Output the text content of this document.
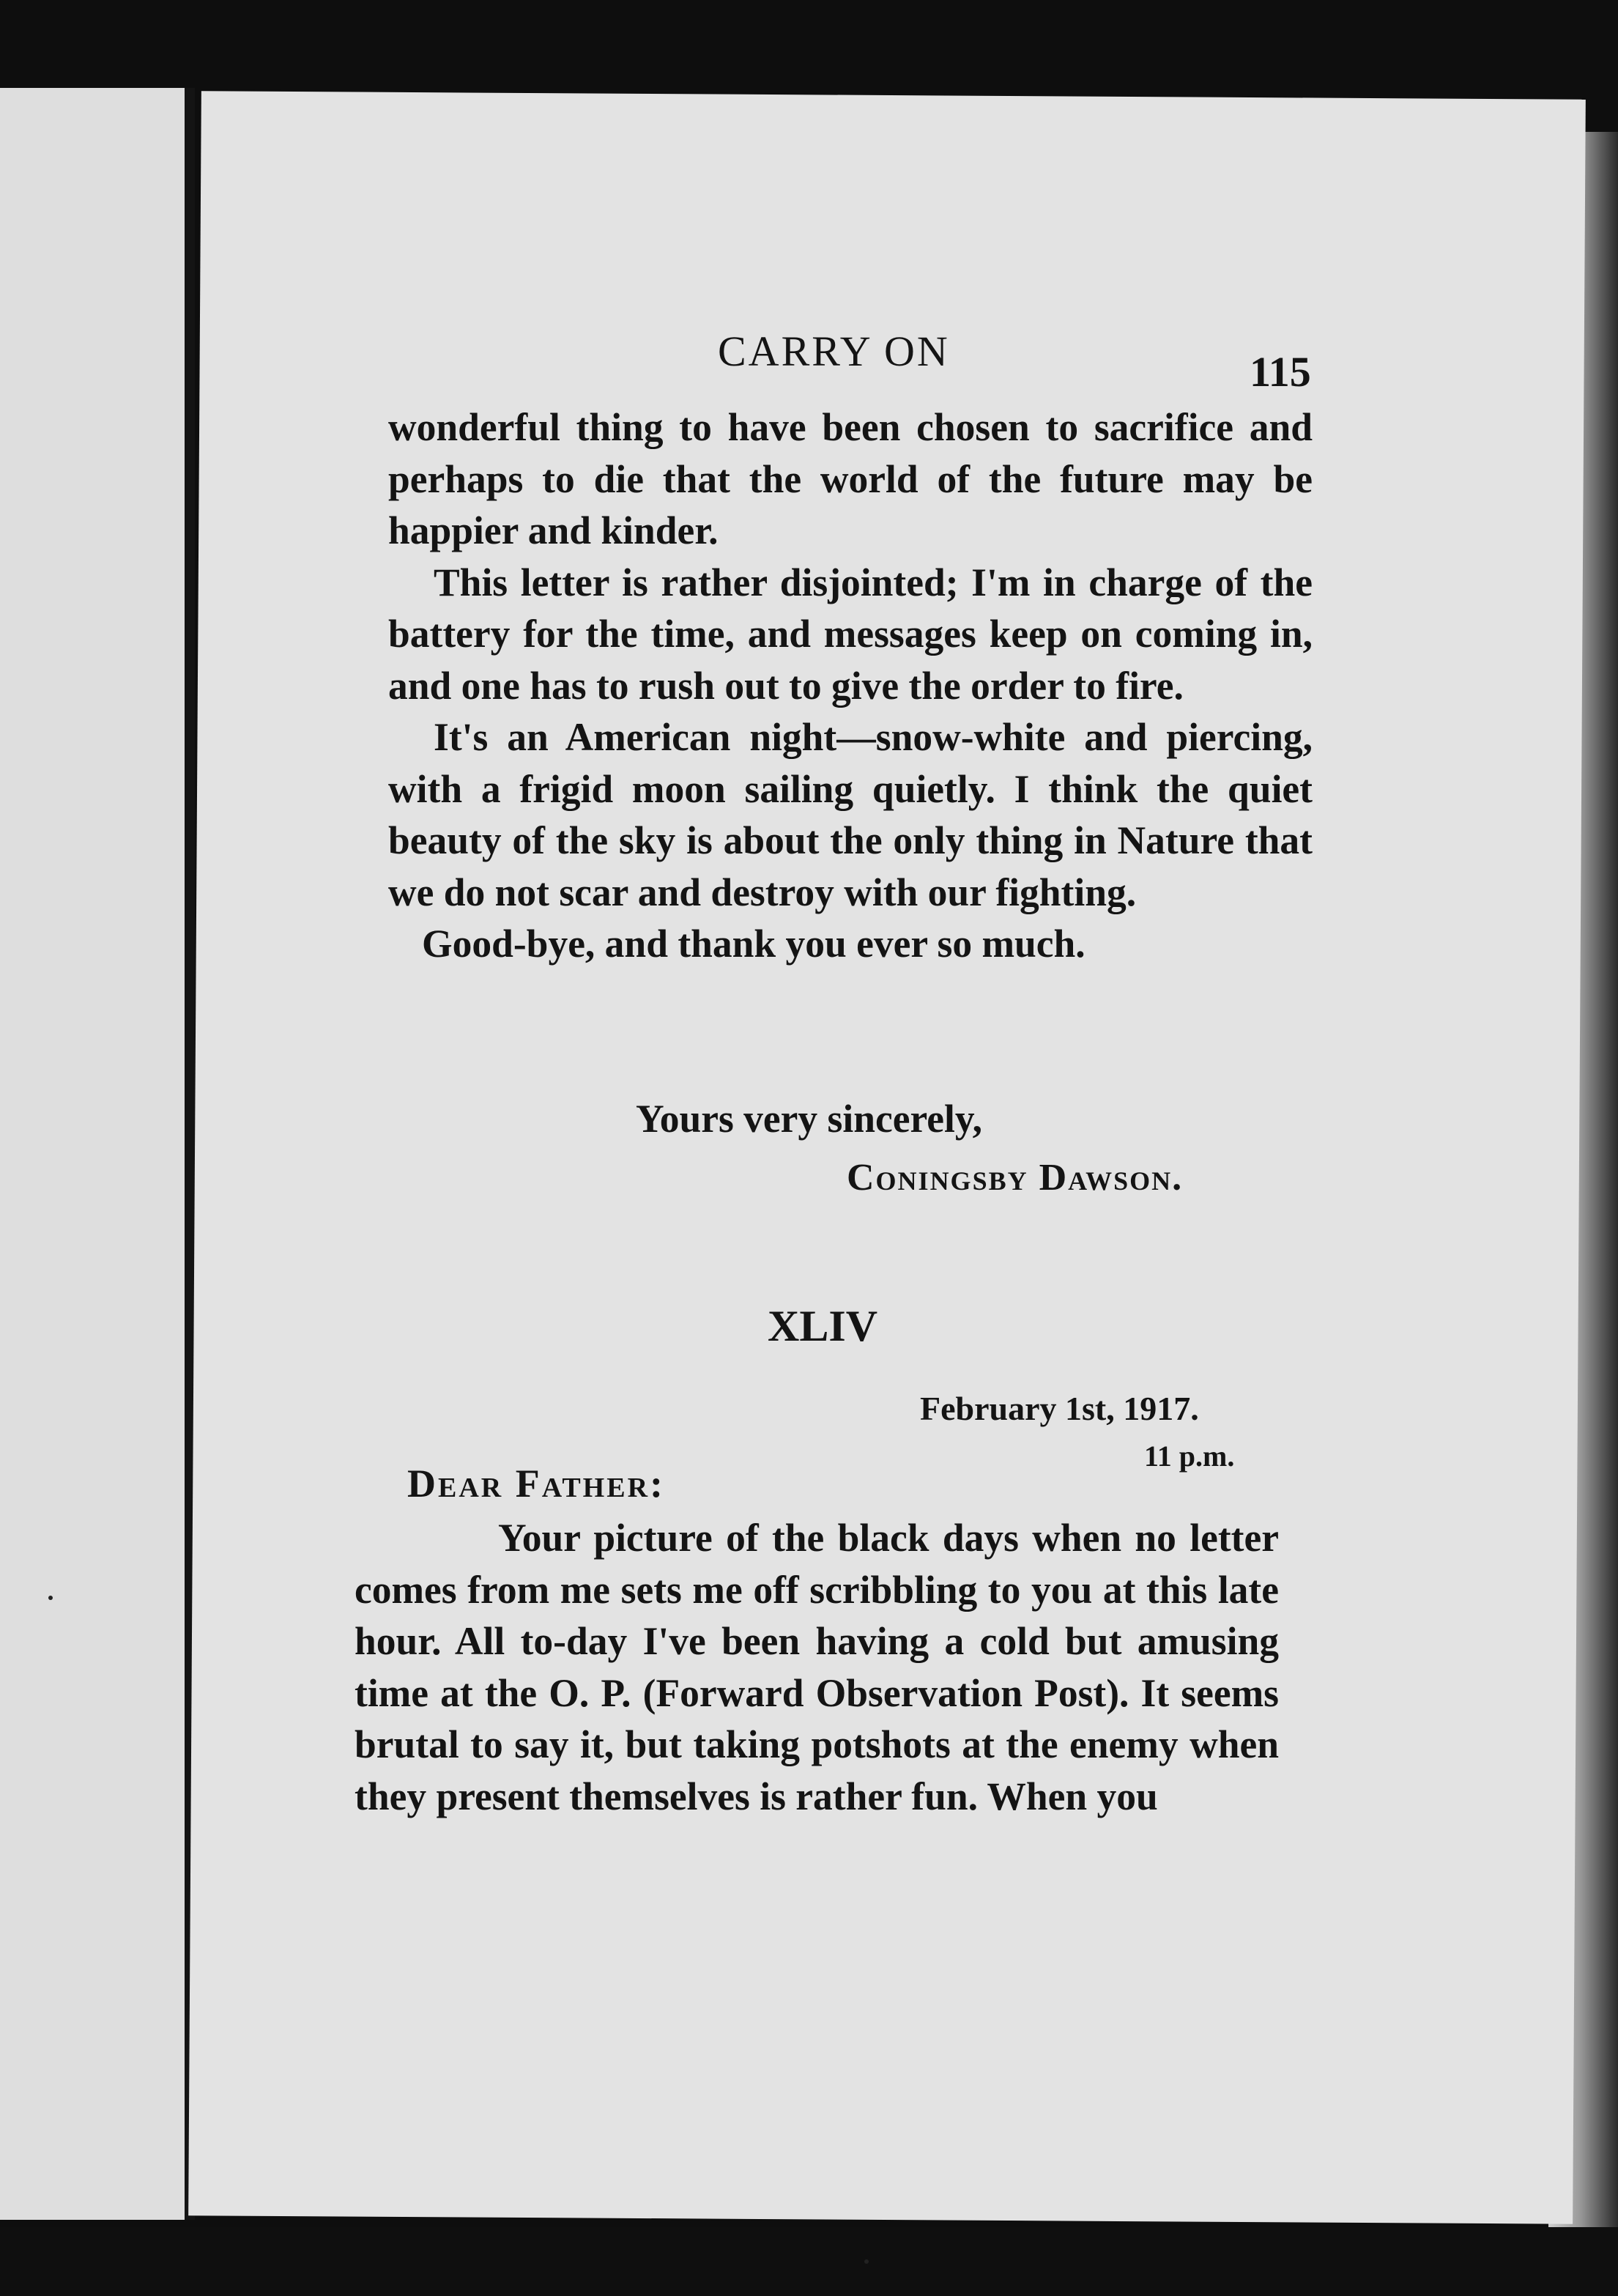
CARRY ON	115

wonderful thing to have been chosen to sacrifice and perhaps to die that the world of the future may be happier and kinder.

This letter is rather disjointed; I'm in charge of the battery for the time, and messages keep on coming in, and one has to rush out to give the order to fire.

It's an American night—snow-white and piercing, with a frigid moon sailing quietly. I think the quiet beauty of the sky is about the only thing in Nature that we do not scar and destroy with our fighting.

Good-bye, and thank you ever so much.

Yours very sincerely,
Coningsby Dawson.
XLIV
February 1st, 1917.
11 p.m.
Dear Father:

Your picture of the black days when no letter comes from me sets me off scribbling to you at this late hour. All to-day I've been having a cold but amusing time at the O. P. (Forward Observation Post). It seems brutal to say it, but taking potshots at the enemy when they present themselves is rather fun. When you
